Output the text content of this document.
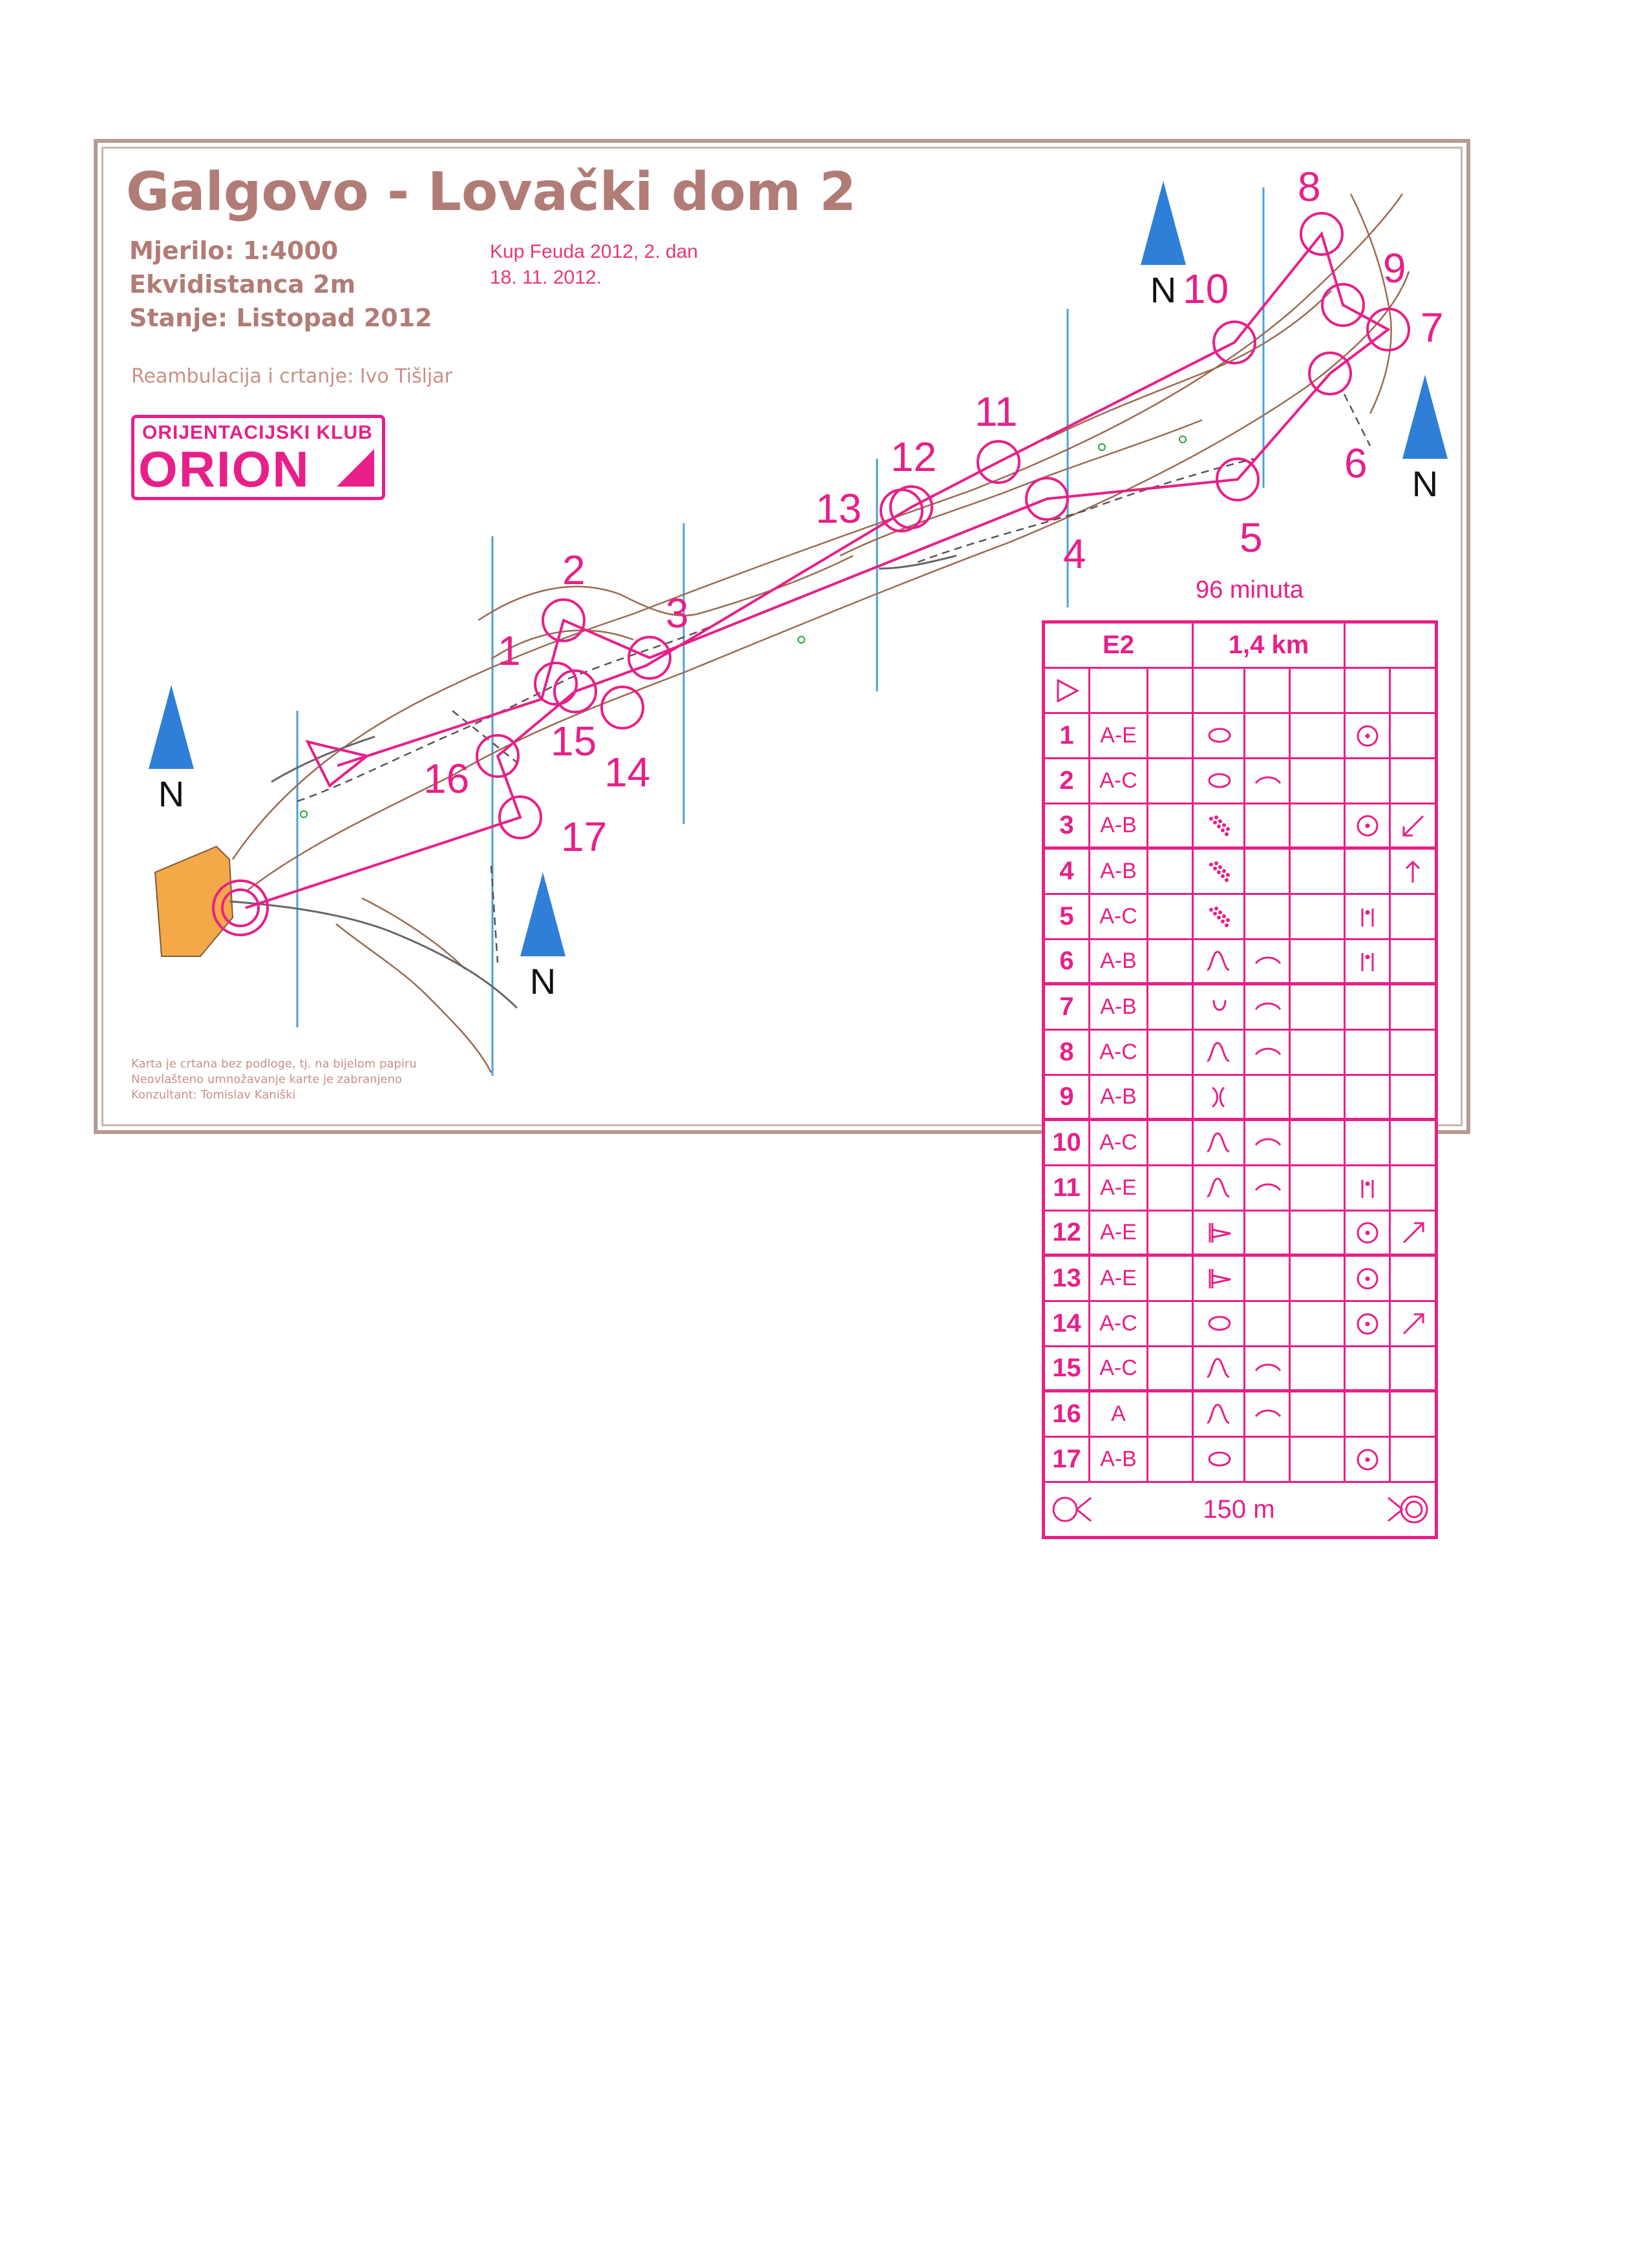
N
N
N
N
Galgovo - Lovački dom 2
Mjerilo: 1:4000
Ekvidistanca 2m
Stanje: Listopad 2012
Kup Feuda 2012, 2. dan
18. 11. 2012.
Reambulacija i crtanje: Ivo Tišljar
ORIJENTACIJSKI KLUB
ORION
Karta je crtana bez podloge, tj. na bijelom papiru
Neovlašteno umnožavanje karte je zabranjeno
Konzultant: Tomislav Kaniški
1
2
3
4	5
6
7
8
9
10
11
12
13
14
15
16
17
96 minuta
E2	1,4 km
1	A-E
2	A-C
3	A-B
4	A-B
5	A-C
6	A-B
7	A-B
8	A-C
9	A-B
10 A-C
11 A-E
12 A-E
13 A-E
14 A-C
15 A-C
16	A
17 A-B
150 m
